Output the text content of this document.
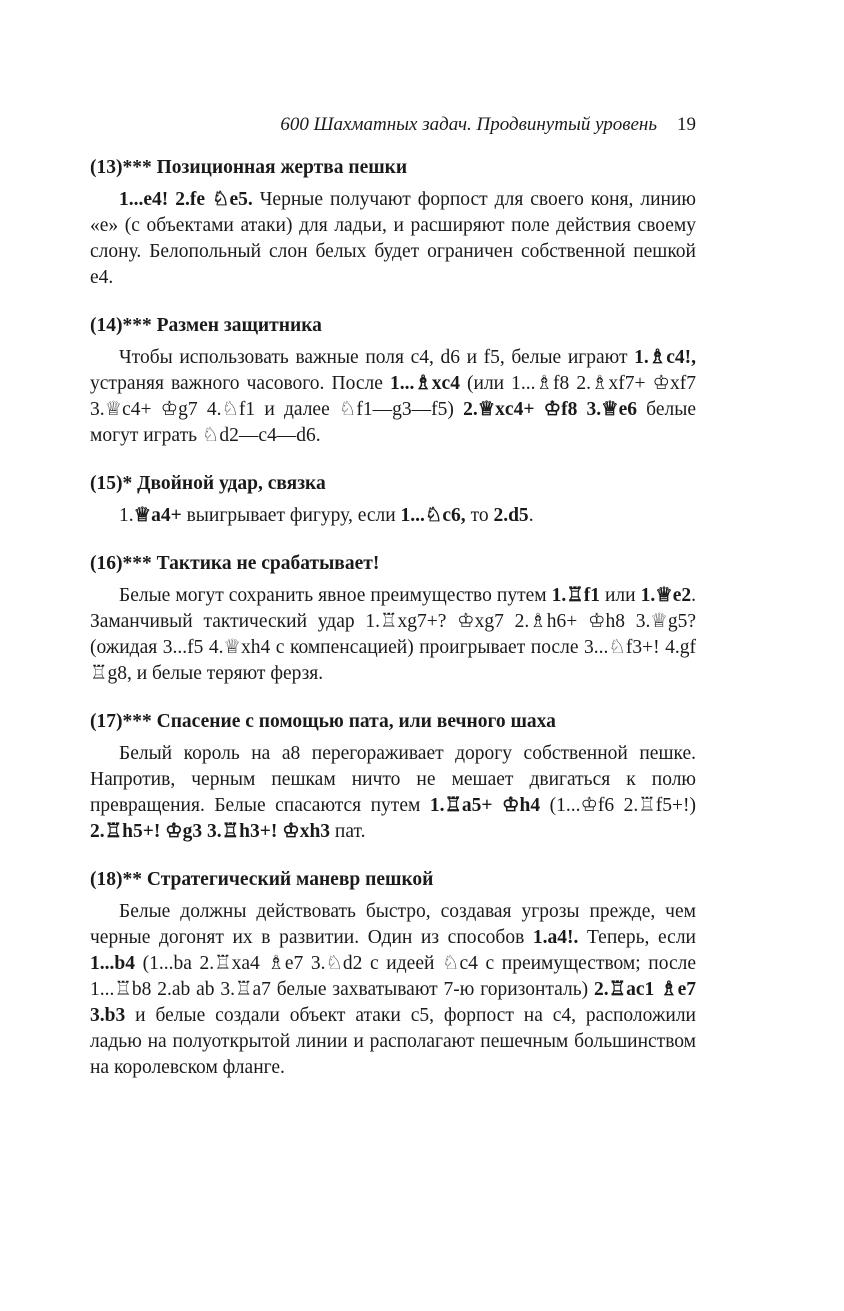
600 Шахматных задач. Продвинутый уровень 19
(13)*** Позиционная жертва пешки

1...e4! 2.fe ♘e5. Черные получают форпост для своего коня, линию «e» (с объектами атаки) для ладьи, и расширяют поле действия своему слону. Белопольный слон белых будет ограничен собственной пешкой e4.

(14)*** Размен защитника

Чтобы использовать важные поля c4, d6 и f5, белые играют 1.♗c4!, устраняя важного часового. После 1...♗xc4 (или 1...♗f8 2.♗xf7+ ♔xf7 3.♕c4+ ♔g7 4.♘f1 и далее ♘f1—g3—f5) 2.♕xc4+ ♔f8 3.♕e6 белые могут играть ♘d2—c4—d6.

(15)* Двойной удар, связка

1.♕a4+ выигрывает фигуру, если 1...♘c6, то 2.d5.

(16)*** Тактика не срабатывает!

Белые могут сохранить явное преимущество путем 1.♖f1 или 1.♕e2. Заманчивый тактический удар 1.♖xg7+? ♔xg7 2.♗h6+ ♔h8 3.♕g5? (ожидая 3...f5 4.♕xh4 с компенсацией) проигрывает после 3...♘f3+! 4.gf ♖g8, и белые теряют ферзя.

(17)*** Спасение с помощью пата, или вечного шаха

Белый король на a8 перегораживает дорогу собственной пешке. Напротив, черным пешкам ничто не мешает двигаться к полю превращения. Белые спасаются путем 1.♖a5+ ♔h4 (1...♔f6 2.♖f5+!) 2.♖h5+! ♔g3 3.♖h3+! ♔xh3 пат.

(18)** Стратегический маневр пешкой

Белые должны действовать быстро, создавая угрозы прежде, чем черные догонят их в развитии. Один из способов 1.a4!. Теперь, если 1...b4 (1...ba 2.♖xa4 ♗e7 3.♘d2 с идеей ♘c4 с преимуществом; после 1...♖b8 2.ab ab 3.♖a7 белые захватывают 7-ю горизонталь) 2.♖ac1 ♗e7 3.b3 и белые создали объект атаки c5, форпост на c4, расположили ладью на полуоткрытой линии и располагают пешечным большинством на королевском фланге.
